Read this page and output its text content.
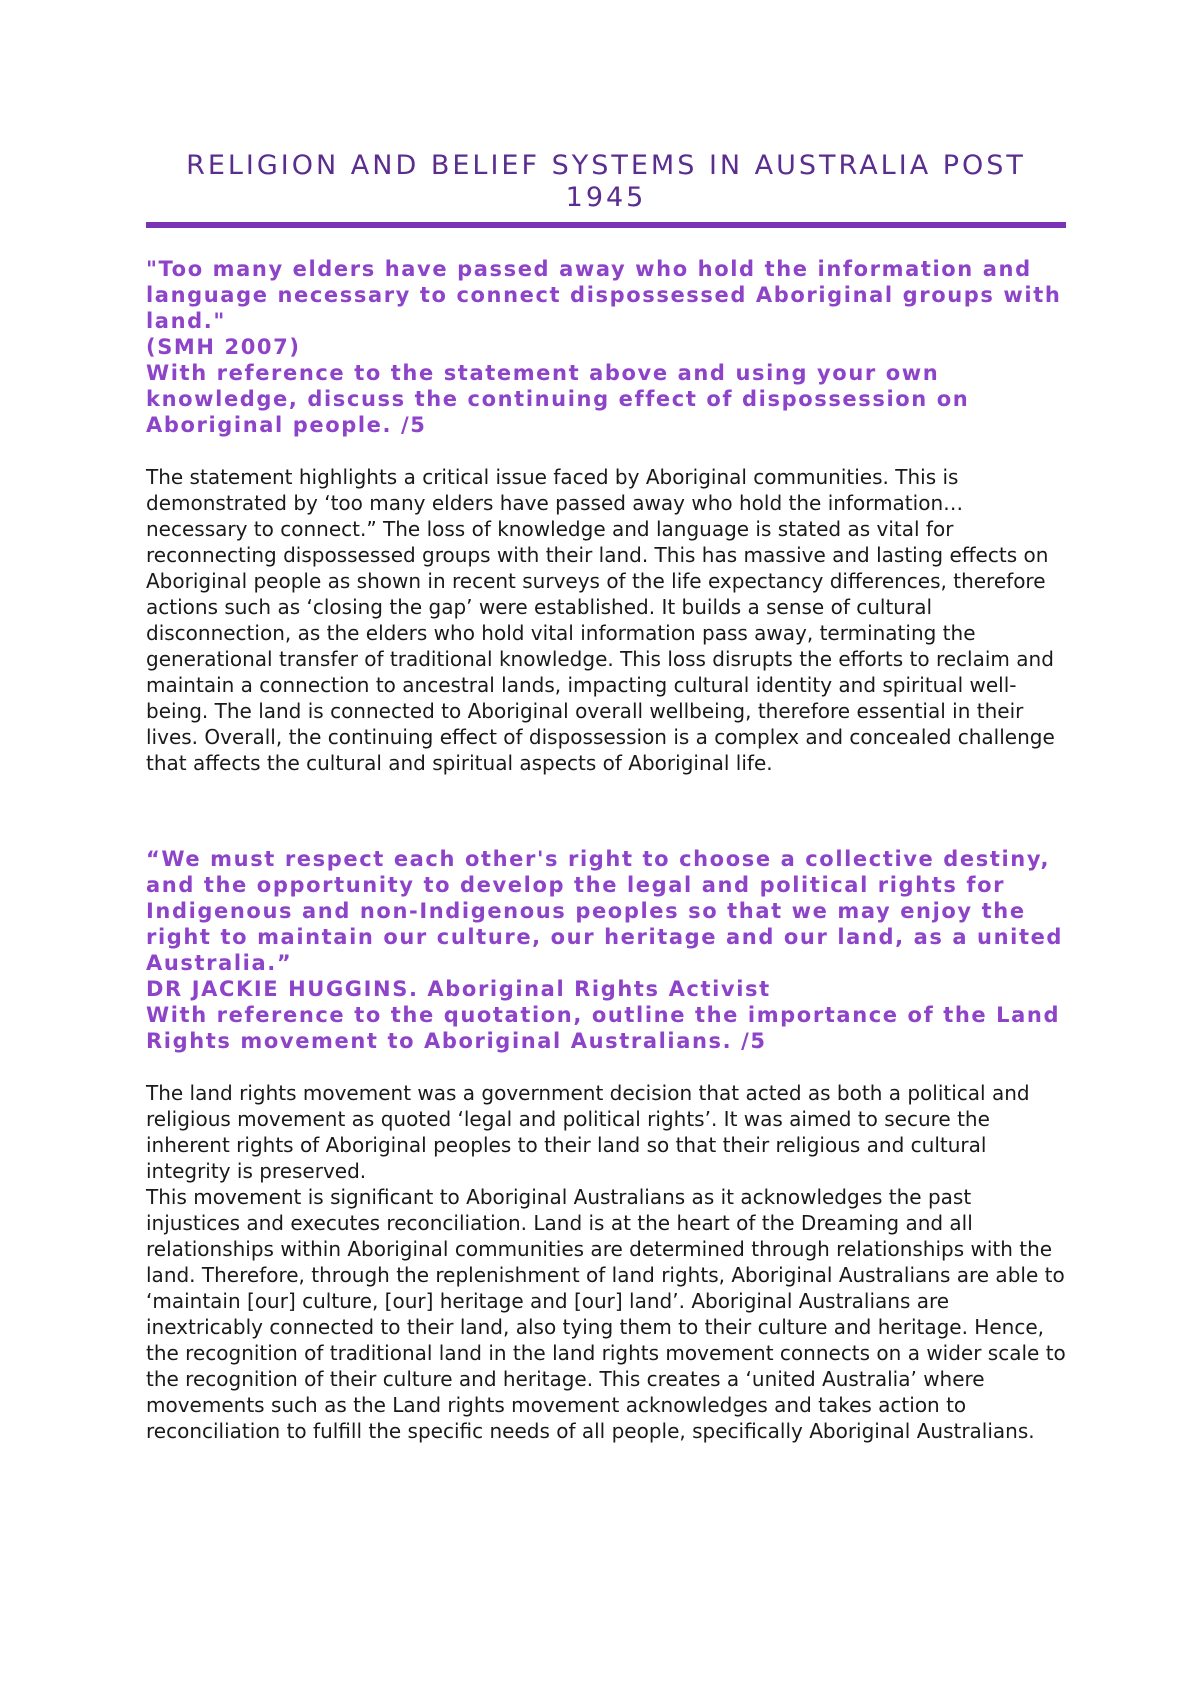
RELIGION AND BELIEF SYSTEMS IN AUSTRALIA POST 1945
"Too many elders have passed away who hold the information and language necessary to connect dispossessed Aboriginal groups with land."
(SMH 2007)
With reference to the statement above and using your own knowledge, discuss the continuing effect of dispossession on Aboriginal people. /5

The statement highlights a critical issue faced by Aboriginal communities. This is demonstrated by ‘too many elders have passed away who hold the information… necessary to connect.” The loss of knowledge and language is stated as vital for reconnecting dispossessed groups with their land. This has massive and lasting effects on Aboriginal people as shown in recent surveys of the life expectancy differences, therefore actions such as ‘closing the gap’ were established. It builds a sense of cultural disconnection, as the elders who hold vital information pass away, terminating the generational transfer of traditional knowledge. This loss disrupts the efforts to reclaim and maintain a connection to ancestral lands, impacting cultural identity and spiritual well-being. The land is connected to Aboriginal overall wellbeing, therefore essential in their lives. Overall, the continuing effect of dispossession is a complex and concealed challenge that affects the cultural and spiritual aspects of Aboriginal life.

“We must respect each other's right to choose a collective destiny, and the opportunity to develop the legal and political rights for Indigenous and non-Indigenous peoples so that we may enjoy the right to maintain our culture, our heritage and our land, as a united Australia.”
DR JACKIE HUGGINS. Aboriginal Rights Activist
With reference to the quotation, outline the importance of the Land Rights movement to Aboriginal Australians. /5

The land rights movement was a government decision that acted as both a political and religious movement as quoted ‘legal and political rights’. It was aimed to secure the inherent rights of Aboriginal peoples to their land so that their religious and cultural integrity is preserved.

This movement is significant to Aboriginal Australians as it acknowledges the past injustices and executes reconciliation. Land is at the heart of the Dreaming and all relationships within Aboriginal communities are determined through relationships with the land. Therefore, through the replenishment of land rights, Aboriginal Australians are able to ‘maintain [our] culture, [our] heritage and [our] land’. Aboriginal Australians are inextricably connected to their land, also tying them to their culture and heritage. Hence, the recognition of traditional land in the land rights movement connects on a wider scale to the recognition of their culture and heritage. This creates a ‘united Australia’ where movements such as the Land rights movement acknowledges and takes action to reconciliation to fulfill the specific needs of all people, specifically Aboriginal Australians.
